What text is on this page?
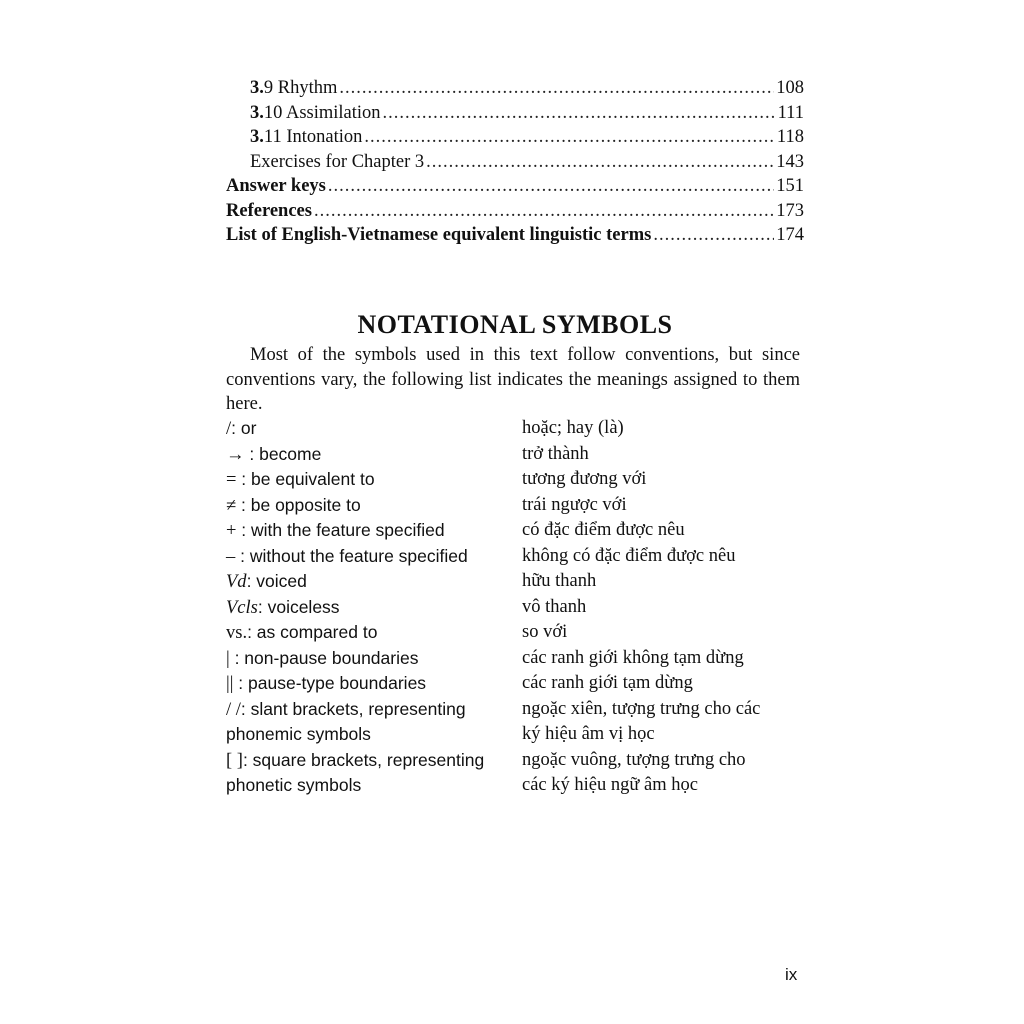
3.9 Rhythm .....	108
3.10 Assimilation .....	111
3.11 Intonation .....	118
Exercises for Chapter 3 .....	143
Answer keys .....	151
References .....	173
List of English-Vietnamese equivalent linguistic terms .....	174
NOTATIONAL SYMBOLS
Most of the symbols used in this text follow conventions, but since conventions vary, the following list indicates the meanings assigned to them here.
/: or	hoặc; hay (là)
→ : become	trở thành
= : be equivalent to	tương đương với
≠ : be opposite to	trái ngược với
+ : with the feature specified	có đặc điểm được nêu
– : without the feature specified	không có đặc điểm được nêu
Vd: voiced	hữu thanh
Vcls: voiceless	vô thanh
vs.: as compared to	so với
| : non-pause boundaries	các ranh giới không tạm dừng
|| : pause-type boundaries	các ranh giới tạm dừng
/ /: slant brackets, representing	ngoặc xiên, tượng trưng cho các
phonemic symbols	ký hiệu âm vị học
[ ]: square brackets, representing	ngoặc vuông, tượng trưng cho
phonetic symbols	các ký hiệu ngữ âm học
ix
